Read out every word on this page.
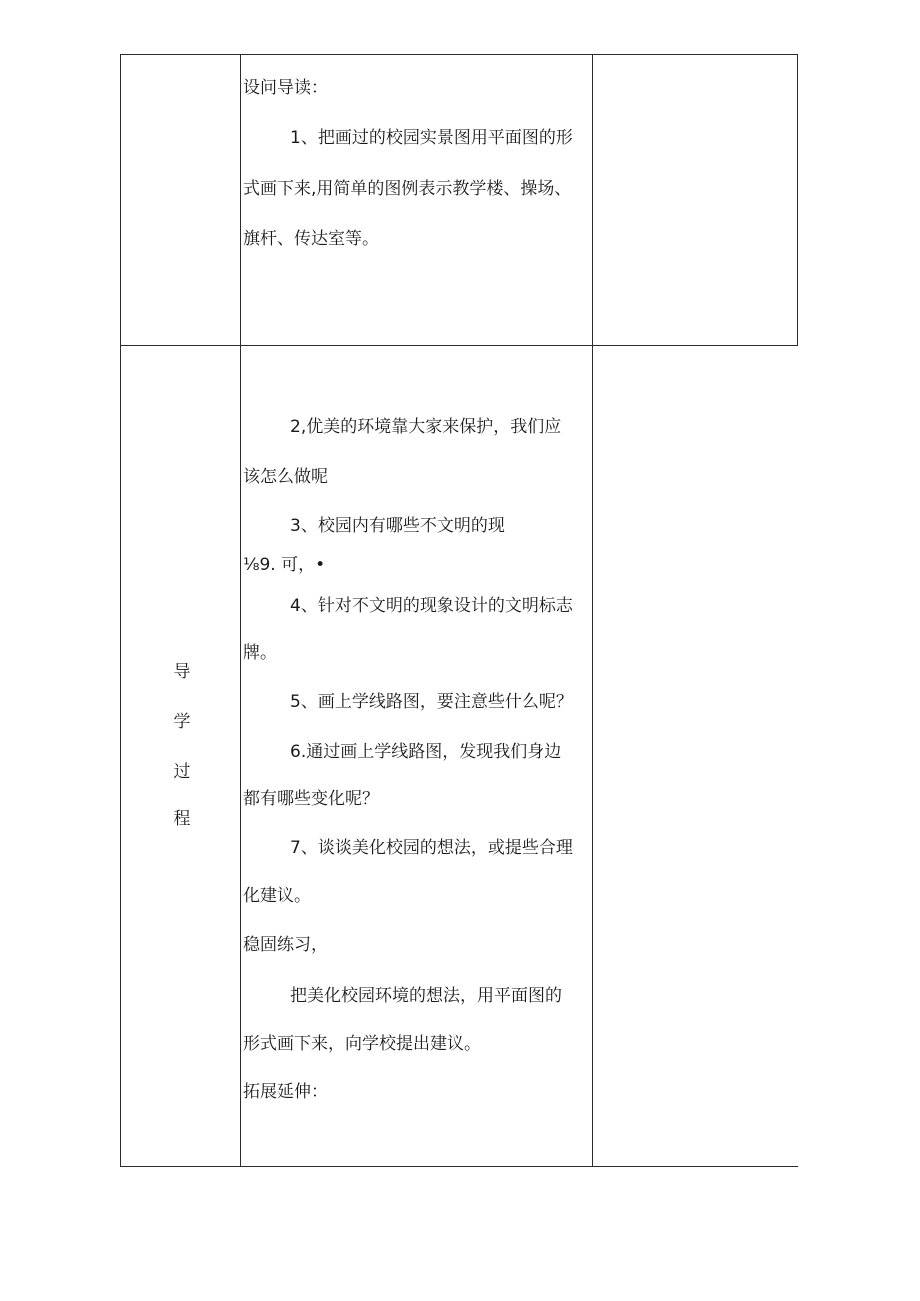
设问导读：

1、把画过的校园实景图用平面图的形

式画下来,用简单的图例表示教学楼、操场、

旗杆、传达室等。

导
学
过
程

2,优美的环境靠大家来保护，我们应

该怎么做呢

3、校园内有哪些不文明的现

⅛9. 可，•

4、针对不文明的现象设计的文明标志

牌。

5、画上学线路图，要注意些什么呢？

6.通过画上学线路图，发现我们身边

都有哪些变化呢？

7、谈谈美化校园的想法，或提些合理

化建议。

稳固练习，

把美化校园环境的想法，用平面图的

形式画下来，向学校提出建议。

拓展延伸：
